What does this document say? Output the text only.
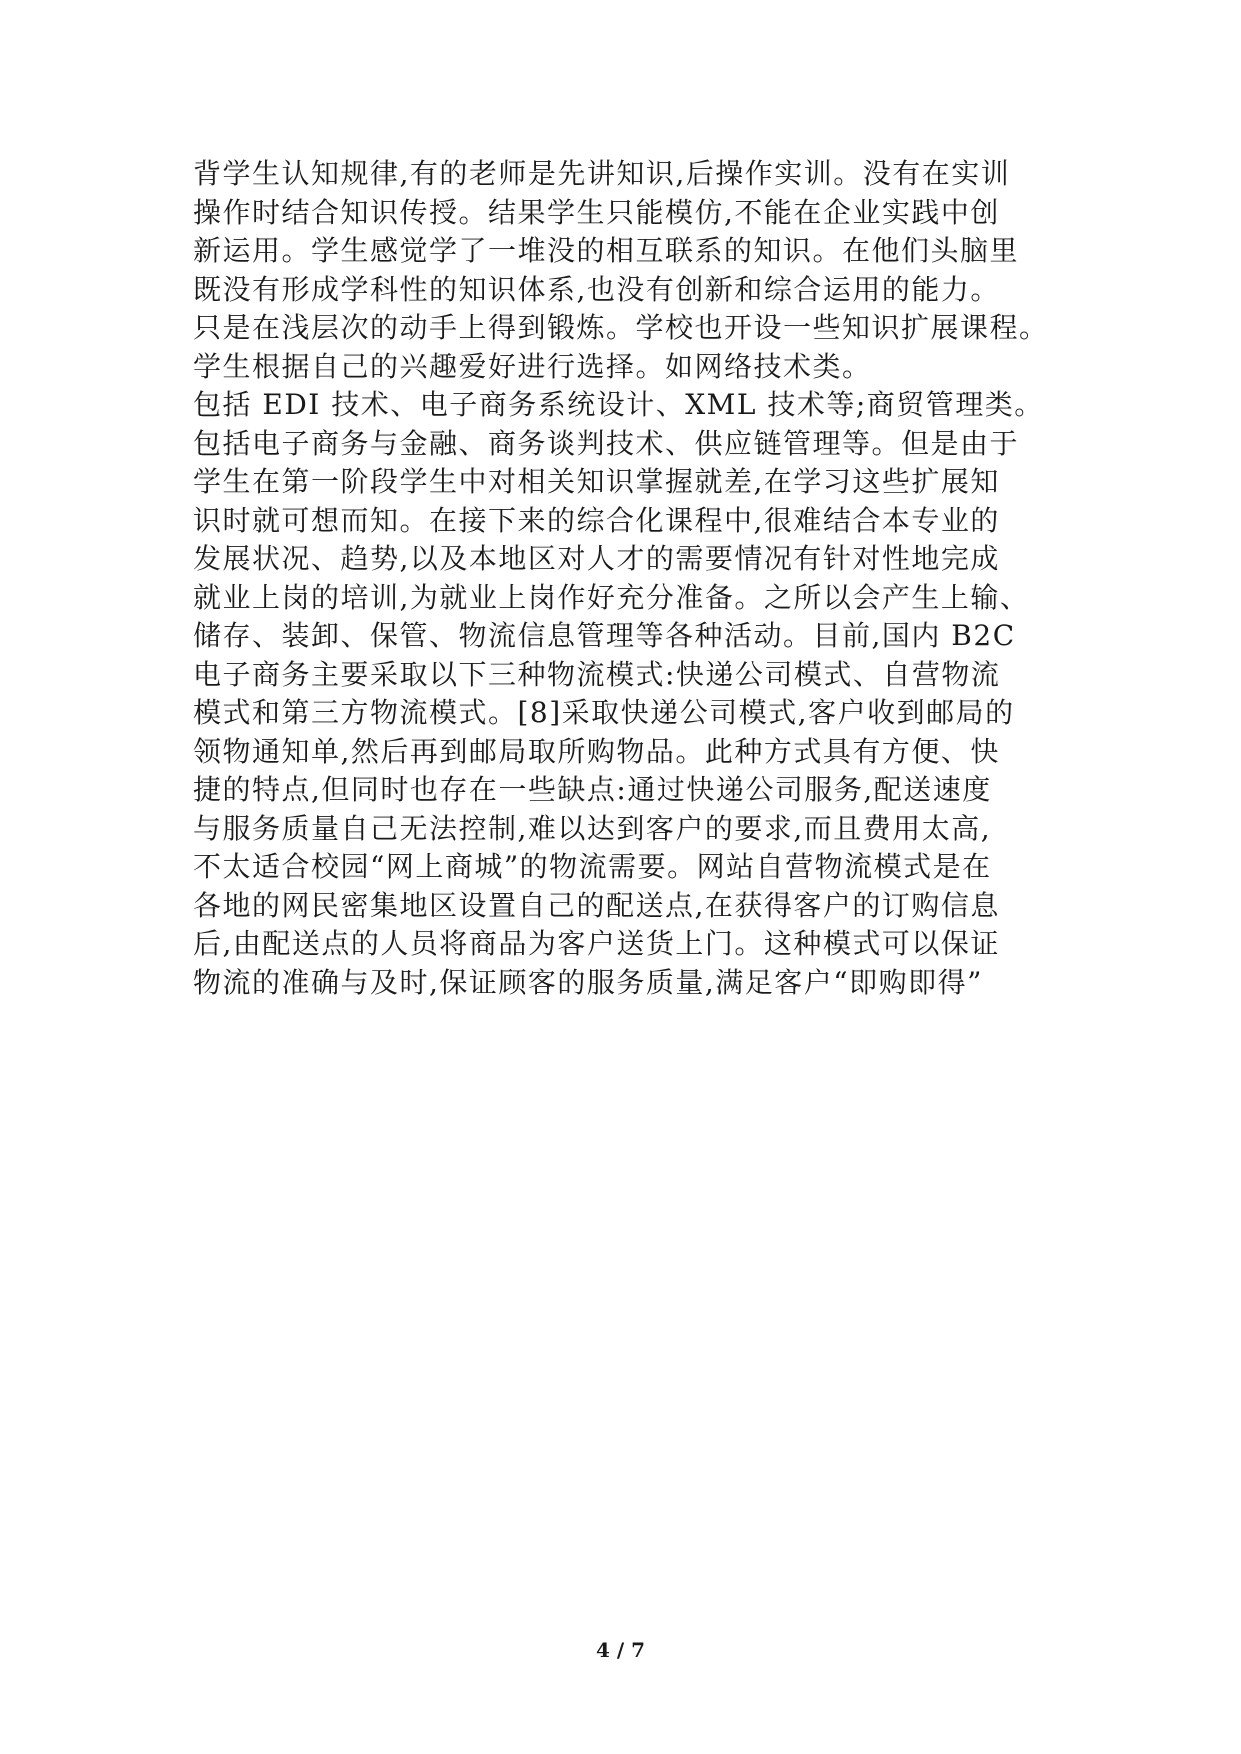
背学生认知规律,有的老师是先讲知识,后操作实训。没有在实训

操作时结合知识传授。结果学生只能模仿,不能在企业实践中创

新运用。学生感觉学了一堆没的相互联系的知识。在他们头脑里

既没有形成学科性的知识体系,也没有创新和综合运用的能力。

只是在浅层次的动手上得到锻炼。学校也开设一些知识扩展课程。

学生根据自己的兴趣爱好进行选择。如网络技术类。

包括 EDI 技术、电子商务系统设计、XML 技术等;商贸管理类。

包括电子商务与金融、商务谈判技术、供应链管理等。但是由于

学生在第一阶段学生中对相关知识掌握就差,在学习这些扩展知

识时就可想而知。在接下来的综合化课程中,很难结合本专业的

发展状况、趋势,以及本地区对人才的需要情况有针对性地完成

就业上岗的培训,为就业上岗作好充分准备。之所以会产生上输、

储存、装卸、保管、物流信息管理等各种活动。目前,国内 B2C

电子商务主要采取以下三种物流模式:快递公司模式、自营物流

模式和第三方物流模式。[8]采取快递公司模式,客户收到邮局的

领物通知单,然后再到邮局取所购物品。此种方式具有方便、快

捷的特点,但同时也存在一些缺点:通过快递公司服务,配送速度

与服务质量自己无法控制,难以达到客户的要求,而且费用太高,

不太适合校园“网上商城”的物流需要。网站自营物流模式是在

各地的网民密集地区设置自己的配送点,在获得客户的订购信息

后,由配送点的人员将商品为客户送货上门。这种模式可以保证

物流的准确与及时,保证顾客的服务质量,满足客户“即购即得”

4 / 7
